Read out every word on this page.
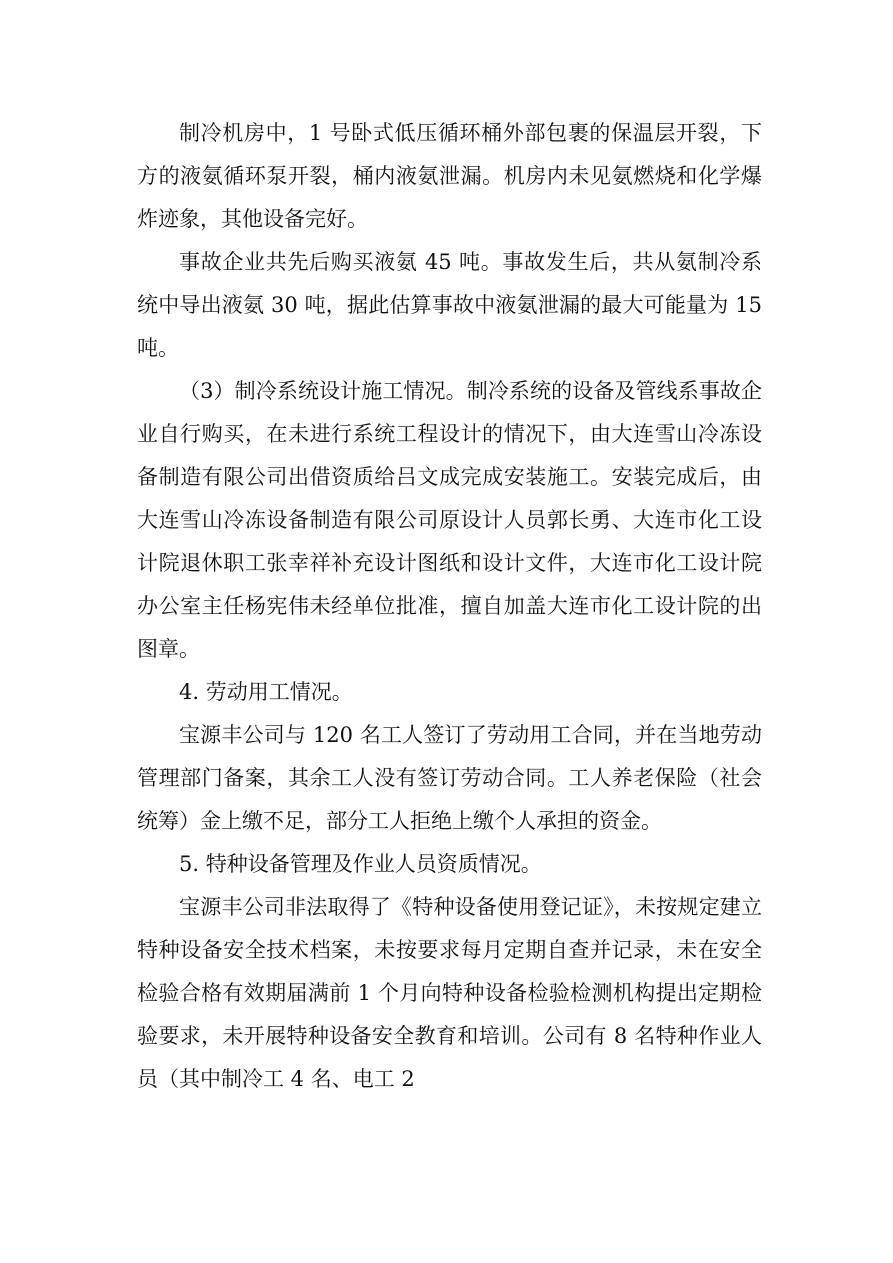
制冷机房中，1 号卧式低压循环桶外部包裹的保温层开裂，下方的液氨循环泵开裂，桶内液氨泄漏。机房内未见氨燃烧和化学爆炸迹象，其他设备完好。

事故企业共先后购买液氨 45 吨。事故发生后，共从氨制冷系统中导出液氨 30 吨，据此估算事故中液氨泄漏的最大可能量为 15吨。

（3）制冷系统设计施工情况。制冷系统的设备及管线系事故企业自行购买，在未进行系统工程设计的情况下，由大连雪山冷冻设备制造有限公司出借资质给吕文成完成安装施工。安装完成后，由大连雪山冷冻设备制造有限公司原设计人员郭长勇、大连市化工设计院退休职工张幸祥补充设计图纸和设计文件，大连市化工设计院办公室主任杨宪伟未经单位批准，擅自加盖大连市化工设计院的出图章。

4. 劳动用工情况。

宝源丰公司与 120 名工人签订了劳动用工合同，并在当地劳动管理部门备案，其余工人没有签订劳动合同。工人养老保险（社会统筹）金上缴不足，部分工人拒绝上缴个人承担的资金。

5. 特种设备管理及作业人员资质情况。

宝源丰公司非法取得了《特种设备使用登记证》，未按规定建立特种设备安全技术档案，未按要求每月定期自查并记录，未在安全检验合格有效期届满前 1 个月向特种设备检验检测机构提出定期检验要求，未开展特种设备安全教育和培训。公司有 8 名特种作业人员（其中制冷工 4 名、电工 2
